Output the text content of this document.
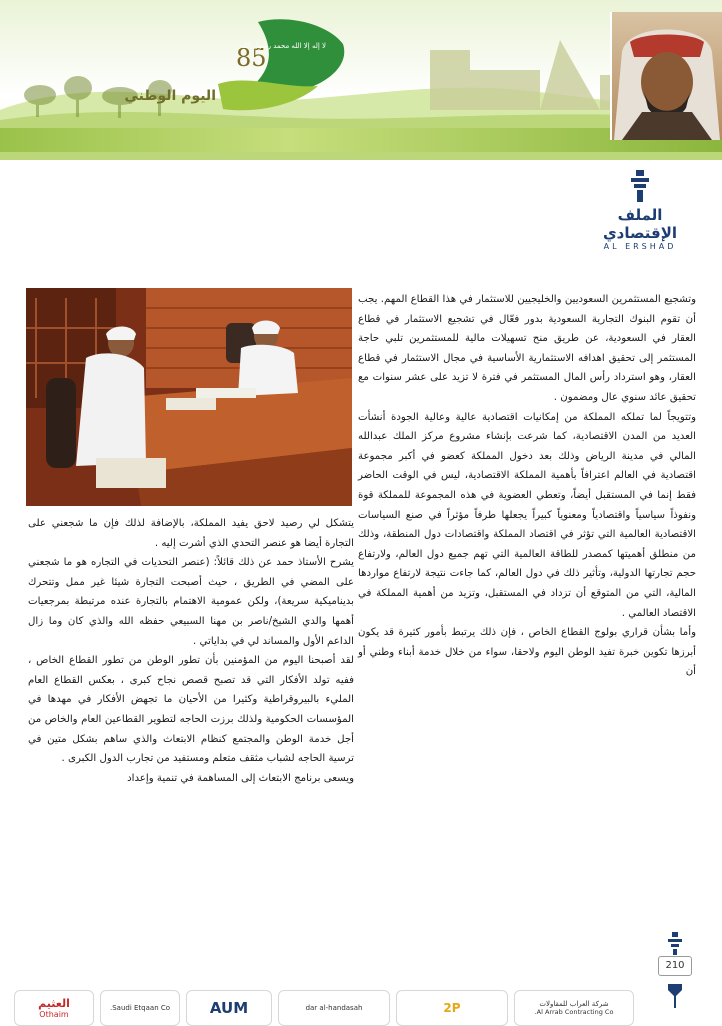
85
اليوم الوطني
لا إله إلا الله محمد رسول الله
الملف الإقتصادي
AL ERSHAD

وتشجيع المستثمرين السعوديين والخليجيين للاستثمار في هذا القطاع المهم. يجب أن تقوم البنوك التجارية السعودية بدور فعّال في تشجيع الاستثمار في قطاع العقار في السعودية، عن طريق منح تسهيلات مالية للمستثمرين تلبي حاجة المستثمر إلى تحقيق اهدافه الاستثمارية الأساسية في مجال الاستثمار في قطاع العقار، وهو استرداد رأس المال المستثمر في فترة لا تزيد على عشر سنوات مع تحقيق عائد سنوي عال ومضمون .

وتتويجاً لما تملكه المملكة من إمكانيات اقتصادية عالية وعالية الجودة أنشأت العديد من المدن الاقتصادية، كما شرعت بإنشاء مشروع مركز الملك عبدالله المالي في مدينة الرياض وذلك بعد دخول المملكة كعضو في أكبر مجموعة اقتصادية في العالم اعترافاً بأهمية المملكة الاقتصادية، ليس في الوقت الحاضر فقط إنما في المستقبل أيضاً، وتعطي العضوية في هذه المجموعة للمملكة قوة ونفوذاً سياسياً واقتصادياً ومعنوياً كبيراً يجعلها طرفاً مؤثراً في صنع السياسات الاقتصادية العالمية التي تؤثر في اقتصاد المملكة واقتصادات دول المنطقة، وذلك من منطلق أهميتها كمصدر للطاقة العالمية التي تهم جميع دول العالم، ولارتفاع حجم تجارتها الدولية، وتأثير ذلك في دول العالم، كما جاءت نتيجة لارتفاع مواردها المالية، التي من المتوقع أن تزداد في المستقبل، وتزيد من أهمية المملكة في الاقتصاد العالمي .

وأما بشأن قراري بولوج القطاع الخاص ، فإن ذلك يرتبط بأمور كثيرة قد يكون أبرزها تكوين خبرة تفيد الوطن اليوم ولاحقا، سواء من خلال خدمة أبناء وطني أو أن

يتشكل لي رصيد لاحق يفيد المملكة، بالإضافة لذلك فإن ما شجعني على التجارة أيضا هو عنصر التحدي الذي أشرت إليه .

يشرح الأستاذ حمد عن ذلك قائلاً: (عنصر التحديات في التجاره هو ما شجعني على المضي في الطريق ، حيث أصبحت التجارة شيئا غير ممل وتتحرك بديناميكية سريعة)، ولكن عمومية الاهتمام بالتجارة عنده مرتبطة بمرجعيات أهمها والدي الشيخ/ناصر بن مهنا السبيعي حفظه الله والذي كان وما زال الداعم الأول والمساند لي في بداياتي .

لقد أصبحنا اليوم من المؤمنين بأن تطور الوطن من تطور القطاع الخاص ، ففيه تولد الأفكار التي قد تصبح قصص نجاح كبرى ، بعكس القطاع العام المليء بالبيروقراطية وكثيرا من الأحيان ما تجهض الأفكار في مهدها في المؤسسات الحكومية ولذلك برزت الحاجه لتطوير القطاعين العام والخاص من أجل خدمة الوطن والمجتمع كنظام الابتعاث والذي ساهم بشكل متين في ترسية الحاجه لشباب مثقف متعلم ومستفيد من تجارب الدول الكبرى .

ويسعى برنامج الابتعاث إلى المساهمة في تنمية وإعداد

210
العثيم
Othaim
Saudi Etqaan Co.	AUM	dar al-handasah	2P	شركة العراب للمقاولات
Al Arrab Contracting Co.
